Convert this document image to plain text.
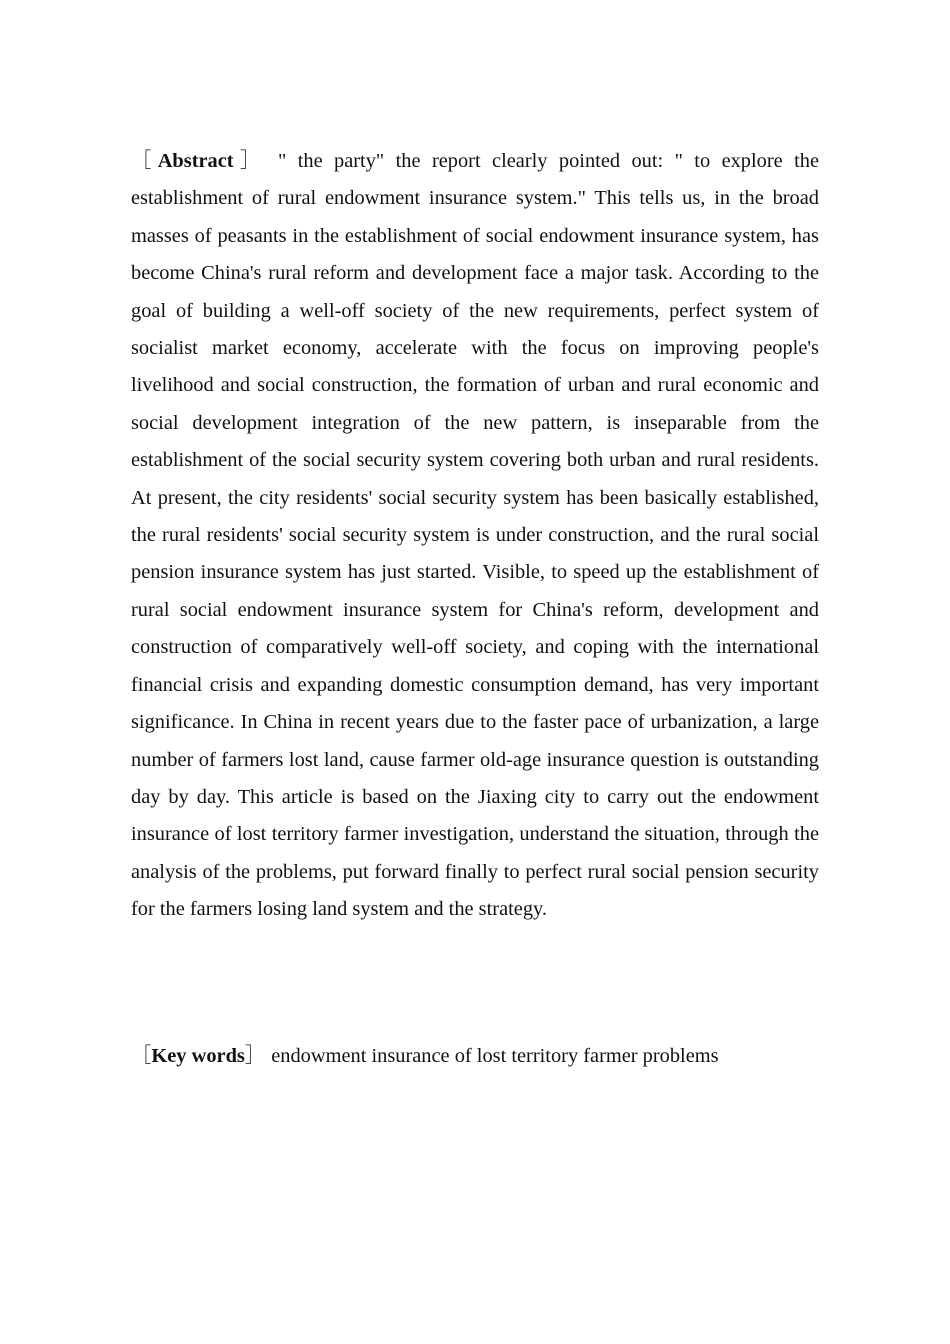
［Abstract］ " the party" the report clearly pointed out: " to explore the establishment of rural endowment insurance system." This tells us, in the broad masses of peasants in the establishment of social endowment insurance system, has become China's rural reform and development face a major task. According to the goal of building a well-off society of the new requirements, perfect system of socialist market economy, accelerate with the focus on improving people's livelihood and social construction, the formation of urban and rural economic and social development integration of the new pattern, is inseparable from the establishment of the social security system covering both urban and rural residents. At present, the city residents' social security system has been basically established, the rural residents' social security system is under construction, and the rural social pension insurance system has just started. Visible, to speed up the establishment of rural social endowment insurance system for China's reform, development and construction of comparatively well-off society, and coping with the international financial crisis and expanding domestic consumption demand, has very important significance. In China in recent years due to the faster pace of urbanization, a large number of farmers lost land, cause farmer old-age insurance question is outstanding day by day. This article is based on the Jiaxing city to carry out the endowment insurance of lost territory farmer investigation, understand the situation, through the analysis of the problems, put forward finally to perfect rural social pension security for the farmers losing land system and the strategy.
［Key words］ endowment insurance of lost territory farmer problems
